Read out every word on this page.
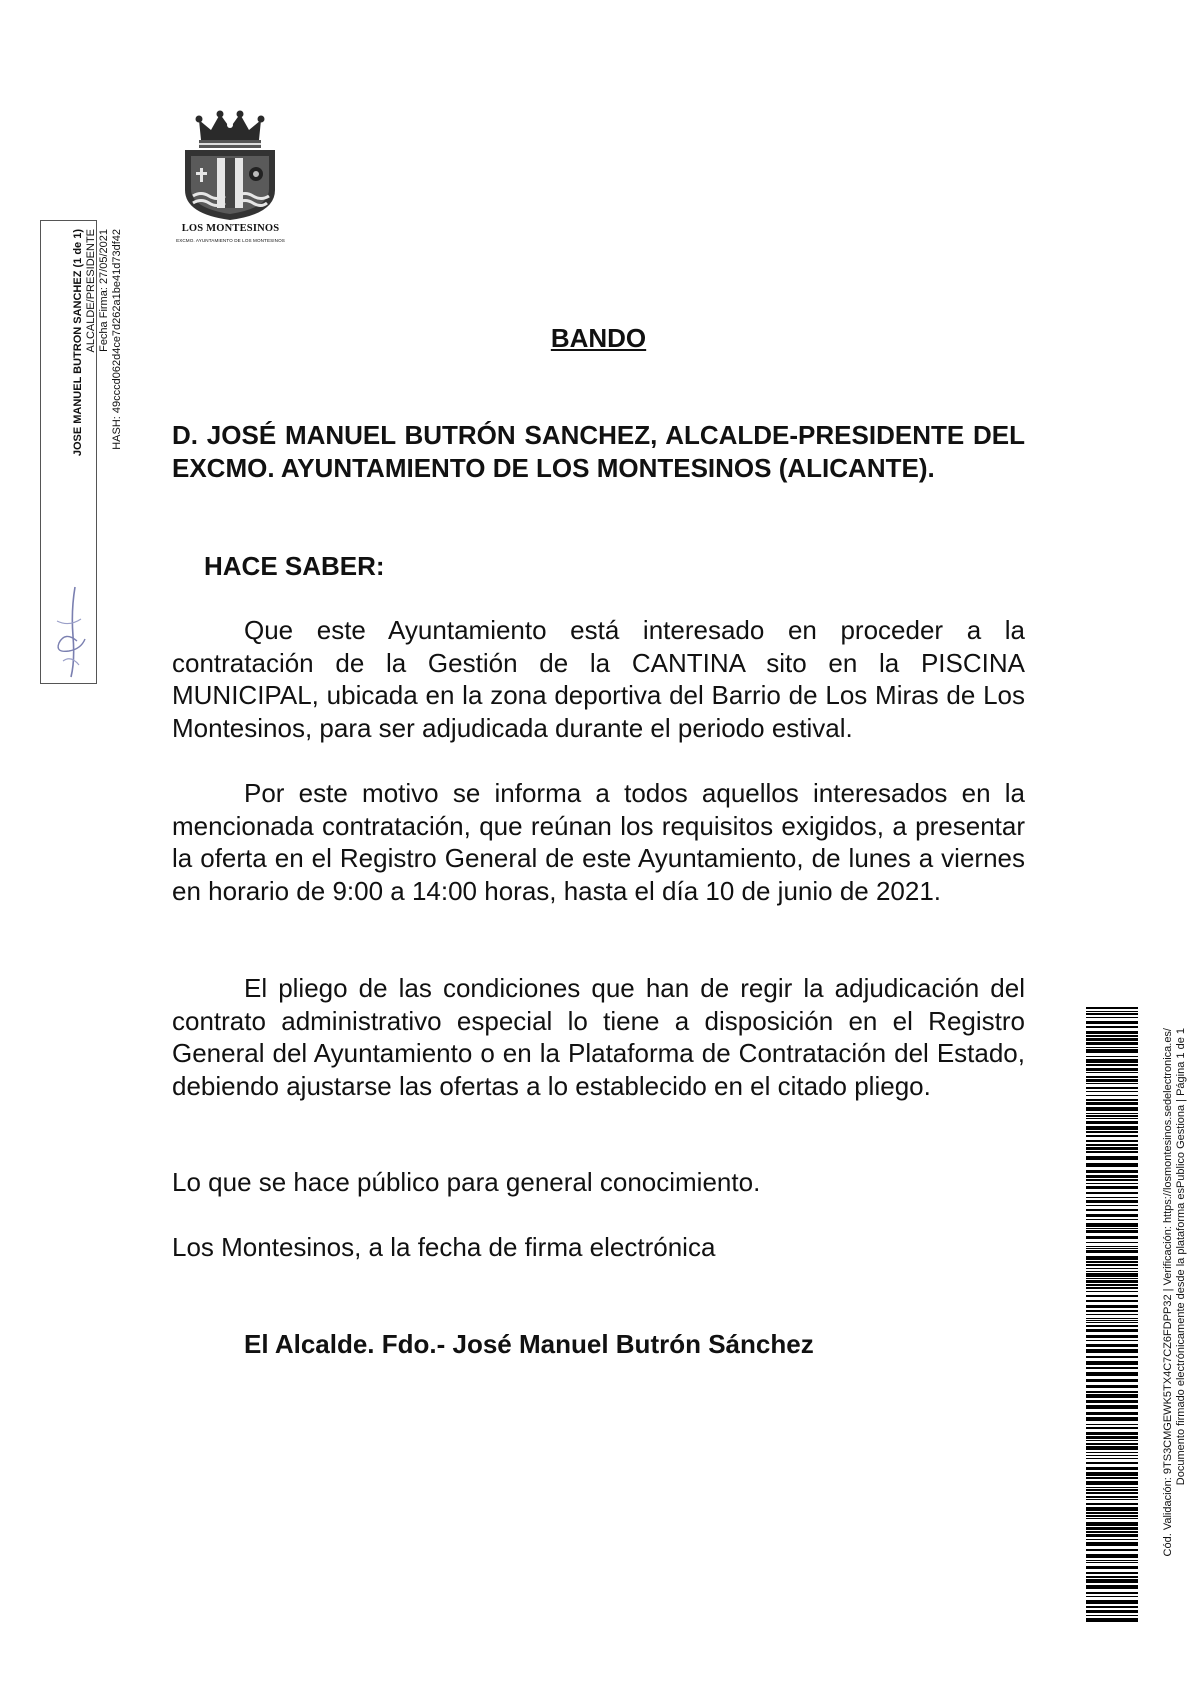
LOS MONTESINOS
EXCMO. AYUNTAMIENTO DE LOS MONTESINOS
JOSE MANUEL BUTRON SANCHEZ (1 de 1) ALCALDE/PRESIDENTE Fecha Firma: 27/05/2021 HASH: 49cccd062d4ce7d262a1be41d73df42	BANDO
D. JOSÉ MANUEL BUTRÓN SANCHEZ, ALCALDE-PRESIDENTE DEL EXCMO. AYUNTAMIENTO DE LOS MONTESINOS (ALICANTE).
HACE SABER:
Que este Ayuntamiento está interesado en proceder a la contratación de la Gestión de la CANTINA sito en la PISCINA MUNICIPAL, ubicada en la zona deportiva del Barrio de Los Miras de Los Montesinos, para ser adjudicada durante el periodo estival.
Por este motivo se informa a todos aquellos interesados en la mencionada contratación, que reúnan los requisitos exigidos, a presentar la oferta en el Registro General de este Ayuntamiento, de lunes a viernes en horario de 9:00 a 14:00 horas, hasta el día 10 de junio de 2021.
El pliego de las condiciones que han de regir la adjudicación del contrato administrativo especial lo tiene a disposición en el Registro General del Ayuntamiento o en la Plataforma de Contratación del Estado, debiendo ajustarse las ofertas a lo establecido en el citado pliego.
Lo que se hace público para general conocimiento.
Los Montesinos, a la fecha de firma electrónica
El Alcalde. Fdo.- José Manuel Butrón Sánchez	Cód. Validación: 9TS3CMGEWK5TX4C7CZ6FDPP32 | Verificación: https://losmontesinos.sedelectronica.es/ Documento firmado electrónicamente desde la plataforma esPublico Gestiona | Página 1 de 1
